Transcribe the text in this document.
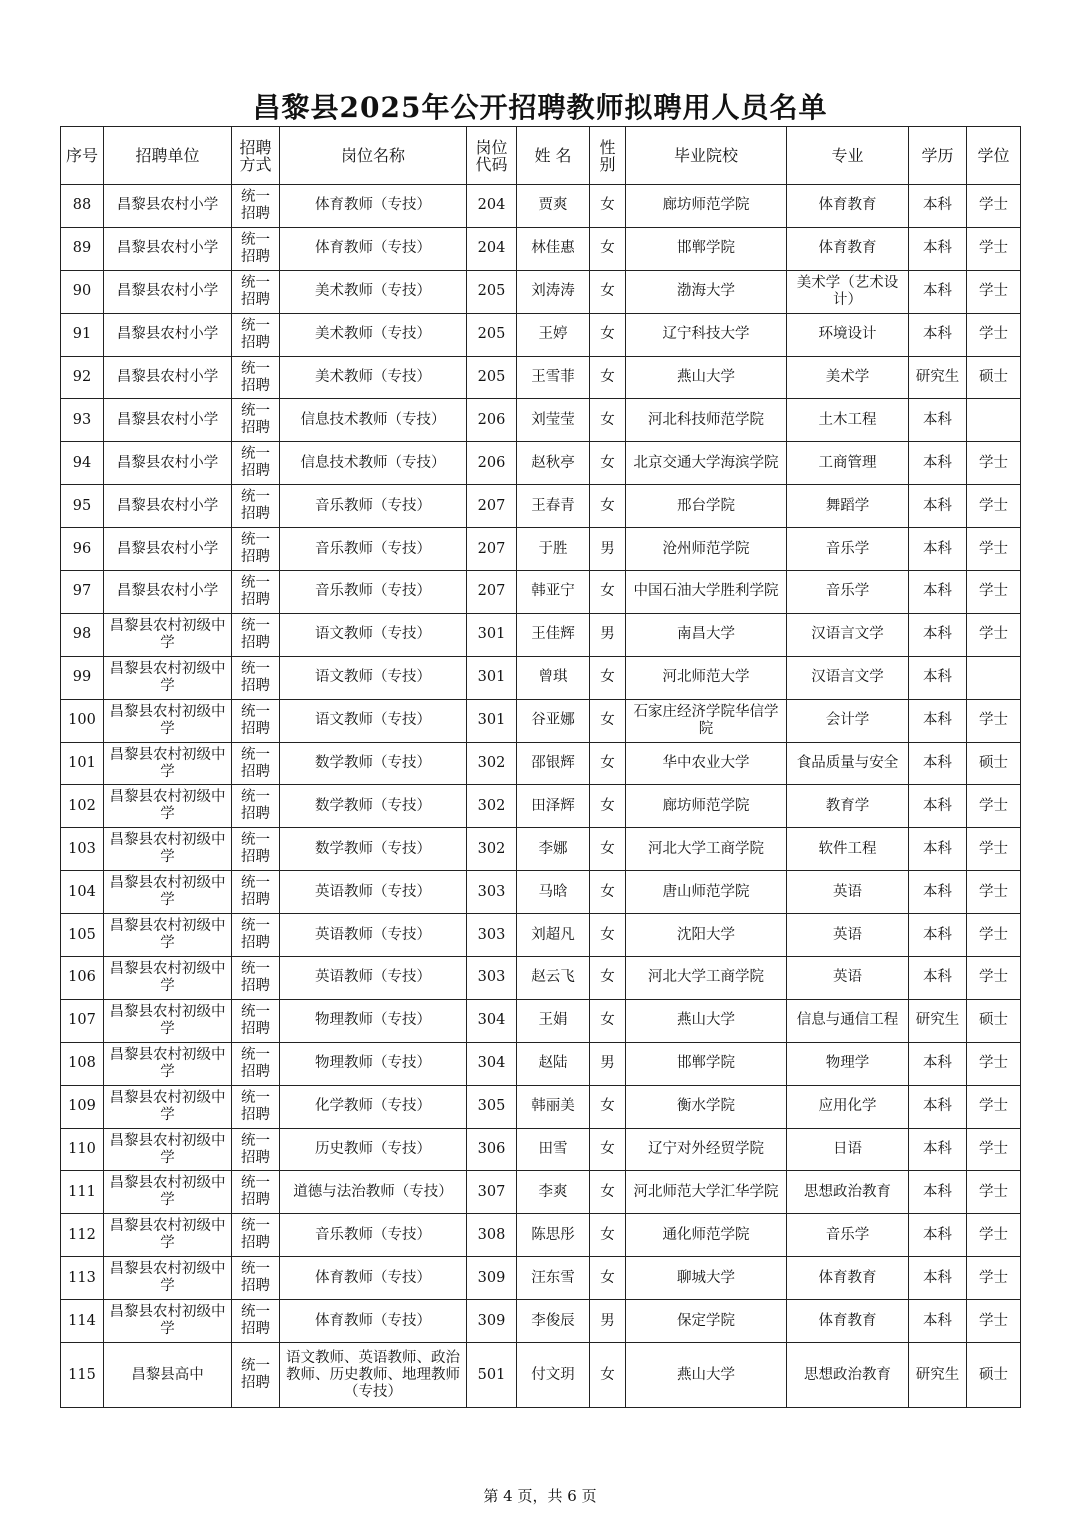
昌黎县2025年公开招聘教师拟聘用人员名单
序号	招聘单位	招聘方式	岗位名称	岗位代码	姓 名	性别	毕业院校	专业	学历	学位
88	昌黎县农村小学	统一招聘	体育教师（专技）	204	贾爽	女	廊坊师范学院	体育教育	本科	学士
89	昌黎县农村小学	统一招聘	体育教师（专技）	204	林佳惠	女	邯郸学院	体育教育	本科	学士
90	昌黎县农村小学	统一招聘	美术教师（专技）	205	刘涛涛	女	渤海大学	美术学（艺术设计）	本科	学士
91	昌黎县农村小学	统一招聘	美术教师（专技）	205	王婷	女	辽宁科技大学	环境设计	本科	学士
92	昌黎县农村小学	统一招聘	美术教师（专技）	205	王雪菲	女	燕山大学	美术学	研究生	硕士
93	昌黎县农村小学	统一招聘	信息技术教师（专技）	206	刘莹莹	女	河北科技师范学院	土木工程	本科	
94	昌黎县农村小学	统一招聘	信息技术教师（专技）	206	赵秋亭	女	北京交通大学海滨学院	工商管理	本科	学士
95	昌黎县农村小学	统一招聘	音乐教师（专技）	207	王春青	女	邢台学院	舞蹈学	本科	学士
96	昌黎县农村小学	统一招聘	音乐教师（专技）	207	于胜	男	沧州师范学院	音乐学	本科	学士
97	昌黎县农村小学	统一招聘	音乐教师（专技）	207	韩亚宁	女	中国石油大学胜利学院	音乐学	本科	学士
98	昌黎县农村初级中学	统一招聘	语文教师（专技）	301	王佳辉	男	南昌大学	汉语言文学	本科	学士
99	昌黎县农村初级中学	统一招聘	语文教师（专技）	301	曾琪	女	河北师范大学	汉语言文学	本科	
100	昌黎县农村初级中学	统一招聘	语文教师（专技）	301	谷亚娜	女	石家庄经济学院华信学院	会计学	本科	学士
101	昌黎县农村初级中学	统一招聘	数学教师（专技）	302	邵银辉	女	华中农业大学	食品质量与安全	本科	硕士
102	昌黎县农村初级中学	统一招聘	数学教师（专技）	302	田泽辉	女	廊坊师范学院	教育学	本科	学士
103	昌黎县农村初级中学	统一招聘	数学教师（专技）	302	李娜	女	河北大学工商学院	软件工程	本科	学士
104	昌黎县农村初级中学	统一招聘	英语教师（专技）	303	马晗	女	唐山师范学院	英语	本科	学士
105	昌黎县农村初级中学	统一招聘	英语教师（专技）	303	刘超凡	女	沈阳大学	英语	本科	学士
106	昌黎县农村初级中学	统一招聘	英语教师（专技）	303	赵云飞	女	河北大学工商学院	英语	本科	学士
107	昌黎县农村初级中学	统一招聘	物理教师（专技）	304	王娟	女	燕山大学	信息与通信工程	研究生	硕士
108	昌黎县农村初级中学	统一招聘	物理教师（专技）	304	赵陆	男	邯郸学院	物理学	本科	学士
109	昌黎县农村初级中学	统一招聘	化学教师（专技）	305	韩丽美	女	衡水学院	应用化学	本科	学士
110	昌黎县农村初级中学	统一招聘	历史教师（专技）	306	田雪	女	辽宁对外经贸学院	日语	本科	学士
111	昌黎县农村初级中学	统一招聘	道德与法治教师（专技）	307	李爽	女	河北师范大学汇华学院	思想政治教育	本科	学士
112	昌黎县农村初级中学	统一招聘	音乐教师（专技）	308	陈思彤	女	通化师范学院	音乐学	本科	学士
113	昌黎县农村初级中学	统一招聘	体育教师（专技）	309	汪东雪	女	聊城大学	体育教育	本科	学士
114	昌黎县农村初级中学	统一招聘	体育教师（专技）	309	李俊辰	男	保定学院	体育教育	本科	学士
115	昌黎县高中	统一招聘	语文教师、英语教师、政治教师、历史教师、地理教师（专技）	501	付文玥	女	燕山大学	思想政治教育	研究生	硕士
第 4 页，共 6 页
